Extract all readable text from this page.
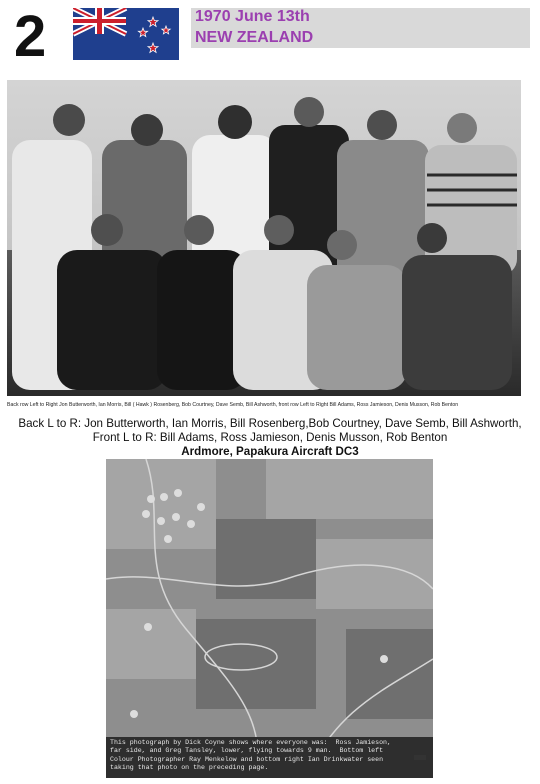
2	1970 June 13th
NEW ZEALAND
Back row Left to Right Jon Butterworth, Ian Morris, Bill ( Hawk ) Rosenberg, Bob Courtney, Dave Semb, Bill Ashworth, front row Left to Right Bill Adams, Ross Jamieson, Denis Musson, Rob Benton
Back L to R: Jon Butterworth, Ian Morris, Bill Rosenberg,Bob Courtney, Dave Semb, Bill Ashworth,
Front L to R: Bill Adams, Ross Jamieson, Denis Musson, Rob Benton
Ardmore, Papakura Aircraft DC3
This photograph by Dick Coyne shows where everyone was:  Ross Jamieson,
far side, and Greg Tansley, lower, flying towards 9 man.  Bottom left
Colour Photographer Ray Menkelow and bottom right Ian Drinkwater seen
taking that photo on the preceding page.
